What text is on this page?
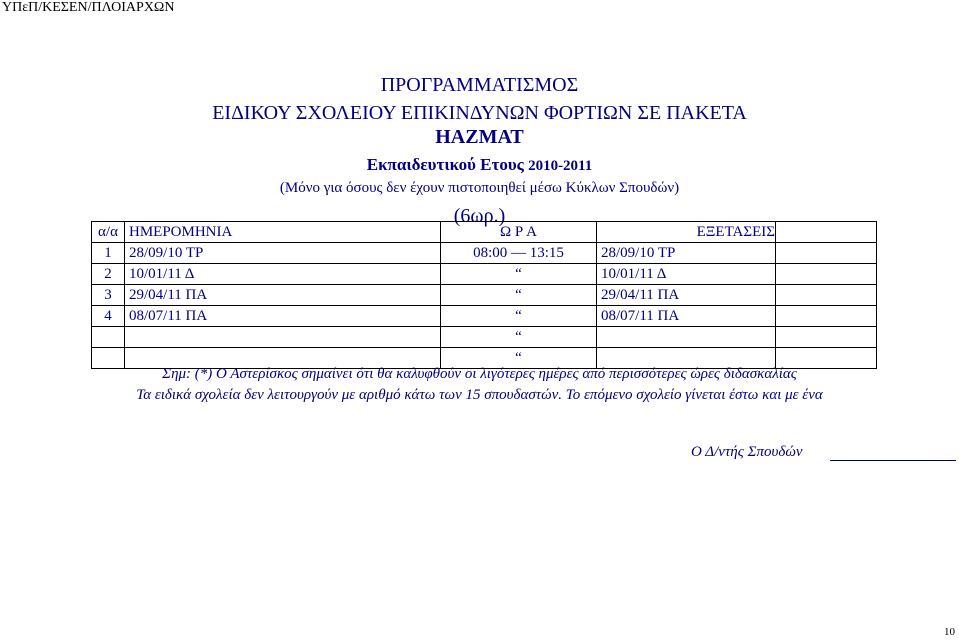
ΥΠεΠ/ΚΕΣΕΝ/ΠΛΟΙΑΡΧΩΝ
ΠΡΟΓΡΑΜΜΑΤΙΣΜΟΣ
ΕΙΔΙΚΟΥ ΣΧΟΛΕΙΟΥ ΕΠΙΚΙΝΔΥΝΩΝ ΦΟΡΤΙΩΝ ΣΕ ΠΑΚΕΤΑ
HAZMAT
Εκπαιδευτικού Ετους 2010-2011
(Μόνο για όσους δεν έχουν πιστοποιηθεί μέσω Κύκλων Σπουδών)
(6ωρ.)
α/α	ΗΜΕΡΟΜΗΝΙΑ	Ω Ρ Α	ΕΞΕΤΑΣΕΙΣ	
1	28/09/10 ΤΡ	08:00 — 13:15	28/09/10 ΤΡ	
2	10/01/11 Δ	“	10/01/11 Δ	
3	29/04/11 ΠΑ	“	29/04/11 ΠΑ	
4	08/07/11 ΠΑ	“	08/07/11 ΠΑ	
		“		
		“		
Σημ: (*) Ο Αστερίσκος σημαίνει ότι θα καλυφθούν οι λιγότερες ημέρες από περισσότερες ώρες διδασκαλίας
Τα ειδικά σχολεία δεν λειτουργούν με αριθμό κάτω των 15 σπουδαστών. Το επόμενο σχολείο γίνεται έστω και με ένα
Ο Δ/ντής Σπουδών
10
